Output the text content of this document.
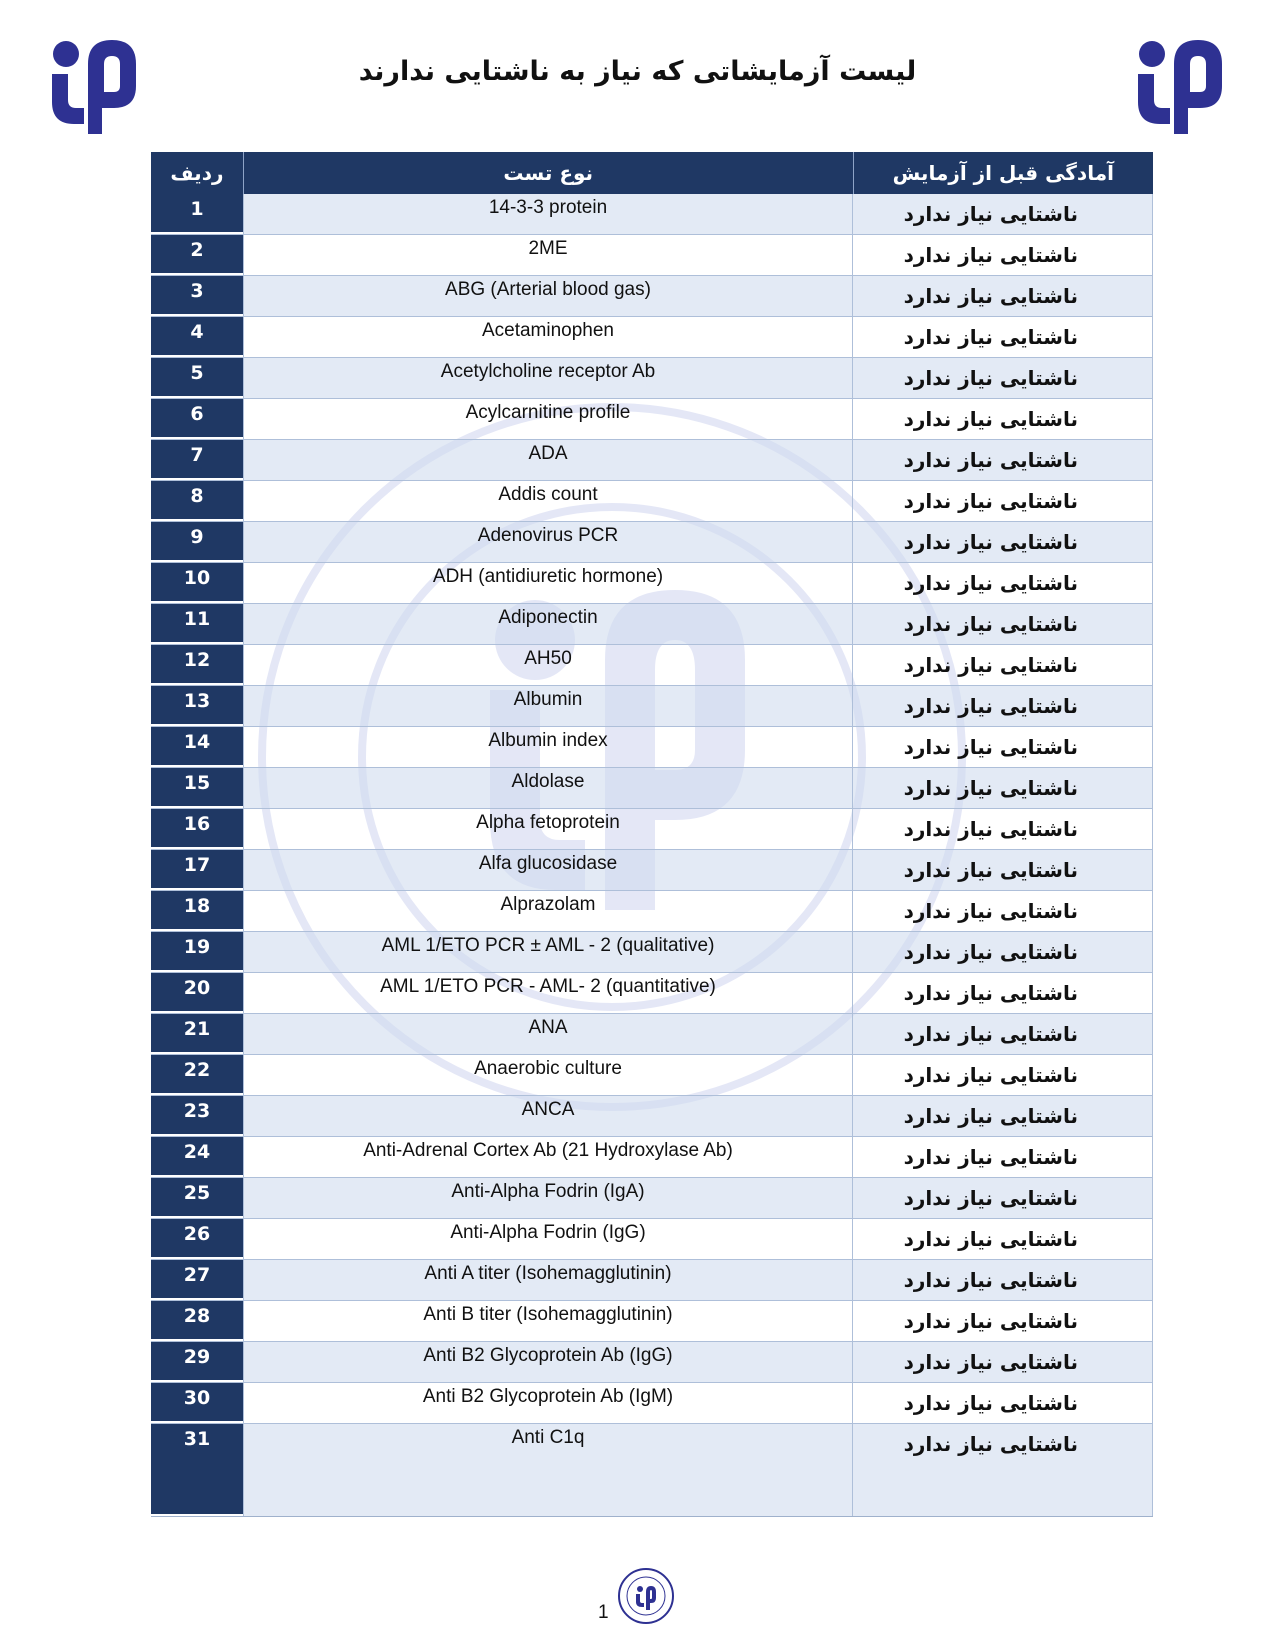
لیست آزمایشاتی که نیاز به ناشتایی ندارند
ردیف	نوع تست	آمادگی قبل از آزمایش
1	14-3-3 protein	ناشتایی نیاز ندارد
2	2ME	ناشتایی نیاز ندارد
3	ABG (Arterial blood gas)	ناشتایی نیاز ندارد
4	Acetaminophen	ناشتایی نیاز ندارد
5	Acetylcholine receptor Ab	ناشتایی نیاز ندارد
6	Acylcarnitine profile	ناشتایی نیاز ندارد
7	ADA	ناشتایی نیاز ندارد
8	Addis count	ناشتایی نیاز ندارد
9	Adenovirus PCR	ناشتایی نیاز ندارد
10	ADH (antidiuretic hormone)	ناشتایی نیاز ندارد
11	Adiponectin	ناشتایی نیاز ندارد
12	AH50	ناشتایی نیاز ندارد
13	Albumin	ناشتایی نیاز ندارد
14	Albumin index	ناشتایی نیاز ندارد
15	Aldolase	ناشتایی نیاز ندارد
16	Alpha fetoprotein	ناشتایی نیاز ندارد
17	Alfa glucosidase	ناشتایی نیاز ندارد
18	Alprazolam	ناشتایی نیاز ندارد
19	AML 1/ETO PCR ± AML - 2 (qualitative)	ناشتایی نیاز ندارد
20	AML 1/ETO PCR - AML- 2 (quantitative)	ناشتایی نیاز ندارد
21	ANA	ناشتایی نیاز ندارد
22	Anaerobic culture	ناشتایی نیاز ندارد
23	ANCA	ناشتایی نیاز ندارد
24	Anti-Adrenal Cortex Ab (21 Hydroxylase Ab)	ناشتایی نیاز ندارد
25	Anti-Alpha Fodrin (IgA)	ناشتایی نیاز ندارد
26	Anti-Alpha Fodrin (IgG)	ناشتایی نیاز ندارد
27	Anti A titer (Isohemagglutinin)	ناشتایی نیاز ندارد
28	Anti B titer (Isohemagglutinin)	ناشتایی نیاز ندارد
29	Anti B2 Glycoprotein Ab (IgG)	ناشتایی نیاز ندارد
30	Anti B2 Glycoprotein Ab (IgM)	ناشتایی نیاز ندارد
31	Anti C1q	ناشتایی نیاز ندارد
1
